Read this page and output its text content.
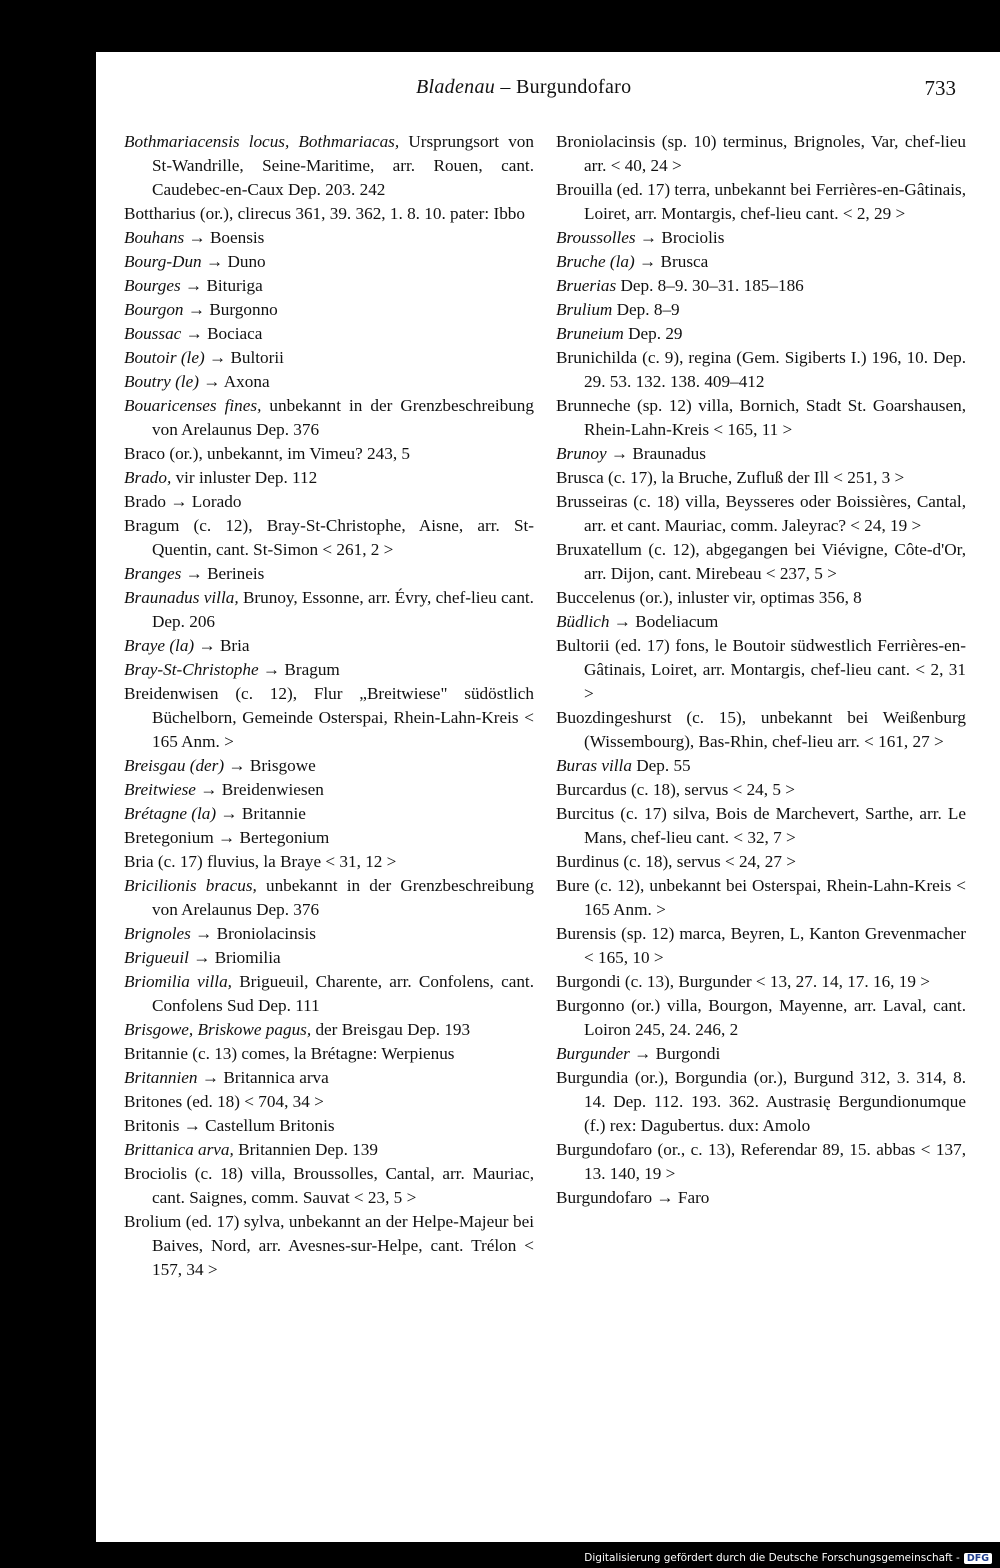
Bladenau – Burgundofaro	733

Bothmariacensis locus, Bothmariacas, Ursprungsort von St-Wandrille, Seine-Maritime, arr. Rouen, cant. Caudebec-en-Caux Dep. 203. 242

Bottharius (or.), clirecus 361, 39. 362, 1. 8. 10. pater: Ibbo

Bouhans → Boensis

Bourg-Dun → Duno

Bourges → Bituriga

Bourgon → Burgonno

Boussac → Bociaca

Boutoir (le) → Bultorii

Boutry (le) → Axona

Bouaricenses fines, unbekannt in der Grenzbeschreibung von Arelaunus Dep. 376

Braco (or.), unbekannt, im Vimeu? 243, 5

Brado, vir inluster Dep. 112

Brado → Lorado

Bragum (c. 12), Bray-St-Christophe, Aisne, arr. St-Quentin, cant. St-Simon < 261, 2 >

Branges → Berineis

Braunadus villa, Brunoy, Essonne, arr. Évry, chef-lieu cant. Dep. 206

Braye (la) → Bria

Bray-St-Christophe → Bragum

Breidenwisen (c. 12), Flur „Breitwiese" südöstlich Büchelborn, Gemeinde Osterspai, Rhein-Lahn-Kreis < 165 Anm. >

Breisgau (der) → Brisgowe

Breitwiese → Breidenwiesen

Brétagne (la) → Britannie

Bretegonium → Bertegonium

Bria (c. 17) fluvius, la Braye < 31, 12 >

Bricilionis bracus, unbekannt in der Grenzbeschreibung von Arelaunus Dep. 376

Brignoles → Broniolacinsis

Brigueuil → Briomilia

Briomilia villa, Brigueuil, Charente, arr. Confolens, cant. Confolens Sud Dep. 111

Brisgowe, Briskowe pagus, der Breisgau Dep. 193

Britannie (c. 13) comes, la Brétagne: Werpienus

Britannien → Britannica arva

Britones (ed. 18) < 704, 34 >

Britonis → Castellum Britonis

Brittanica arva, Britannien Dep. 139

Brociolis (c. 18) villa, Broussolles, Cantal, arr. Mauriac, cant. Saignes, comm. Sauvat < 23, 5 >

Brolium (ed. 17) sylva, unbekannt an der Helpe-Majeur bei Baives, Nord, arr. Avesnes-sur-Helpe, cant. Trélon < 157, 34 >

Broniolacinsis (sp. 10) terminus, Brignoles, Var, chef-lieu arr. < 40, 24 >

Brouilla (ed. 17) terra, unbekannt bei Ferrières-en-Gâtinais, Loiret, arr. Montargis, chef-lieu cant. < 2, 29 >

Broussolles → Brociolis

Bruche (la) → Brusca

Bruerias Dep. 8–9. 30–31. 185–186

Brulium Dep. 8–9

Bruneium Dep. 29

Brunichilda (c. 9), regina (Gem. Sigiberts I.) 196, 10. Dep. 29. 53. 132. 138. 409–412

Brunneche (sp. 12) villa, Bornich, Stadt St. Goarshausen, Rhein-Lahn-Kreis < 165, 11 >

Brunoy → Braunadus

Brusca (c. 17), la Bruche, Zufluß der Ill < 251, 3 >

Brusseiras (c. 18) villa, Beysseres oder Boissières, Cantal, arr. et cant. Mauriac, comm. Jaleyrac? < 24, 19 >

Bruxatellum (c. 12), abgegangen bei Viévigne, Côte-d'Or, arr. Dijon, cant. Mirebeau < 237, 5 >

Buccelenus (or.), inluster vir, optimas 356, 8

Büdlich → Bodeliacum

Bultorii (ed. 17) fons, le Boutoir südwestlich Ferrières-en-Gâtinais, Loiret, arr. Montargis, chef-lieu cant. < 2, 31 >

Buozdingeshurst (c. 15), unbekannt bei Weißenburg (Wissembourg), Bas-Rhin, chef-lieu arr. < 161, 27 >

Buras villa Dep. 55

Burcardus (c. 18), servus < 24, 5 >

Burcitus (c. 17) silva, Bois de Marchevert, Sarthe, arr. Le Mans, chef-lieu cant. < 32, 7 >

Burdinus (c. 18), servus < 24, 27 >

Bure (c. 12), unbekannt bei Osterspai, Rhein-Lahn-Kreis < 165 Anm. >

Burensis (sp. 12) marca, Beyren, L, Kanton Grevenmacher < 165, 10 >

Burgondi (c. 13), Burgunder < 13, 27. 14, 17. 16, 19 >

Burgonno (or.) villa, Bourgon, Mayenne, arr. Laval, cant. Loiron 245, 24. 246, 2

Burgunder → Burgondi

Burgundia (or.), Borgundia (or.), Burgund 312, 3. 314, 8. 14. Dep. 112. 193. 362. Austrasię Bergundionumque (f.) rex: Dagubertus. dux: Amolo

Burgundofaro (or., c. 13), Referendar 89, 15. abbas < 137, 13. 140, 19 >

Burgundofaro → Faro

Digitalisierung gefördert durch die Deutsche Forschungsgemeinschaft - DFG
